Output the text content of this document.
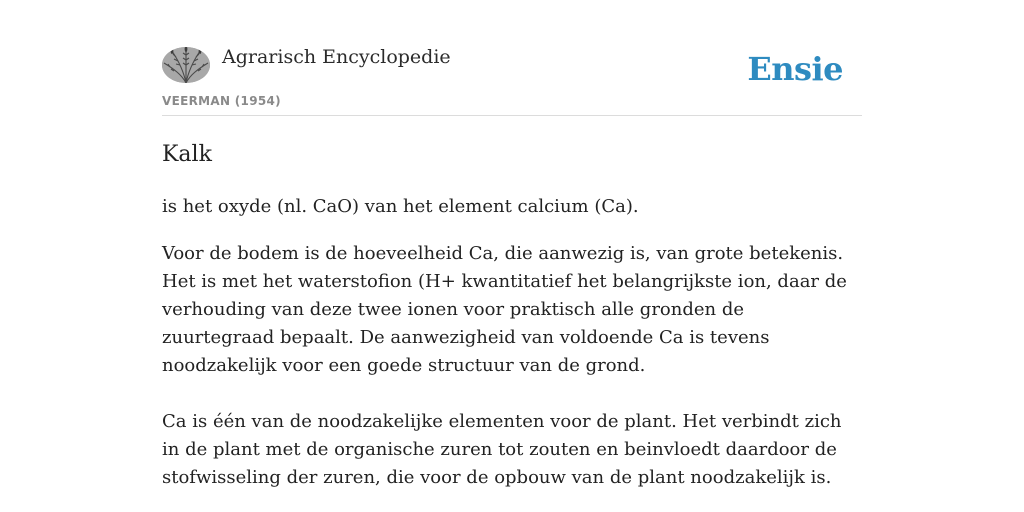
Agrarisch Encyclopedie
VEERMAN (1954)
Ensie
Kalk

is het oxyde (nl. CaO) van het element calcium (Ca).

Voor de bodem is de hoeveelheid Ca, die aanwezig is, van grote betekenis. Het is met het waterstofion (H+ kwantitatief het belangrijkste ion, daar de verhouding van deze twee ionen voor praktisch alle gronden de zuurtegraad bepaalt. De aanwezigheid van voldoende Ca is tevens noodzakelijk voor een goede structuur van de grond.

Ca is één van de noodzakelijke elementen voor de plant. Het verbindt zich in de plant met de organische zuren tot zouten en beinvloedt daardoor de stofwisseling der zuren, die voor de opbouw van de plant noodzakelijk is.
